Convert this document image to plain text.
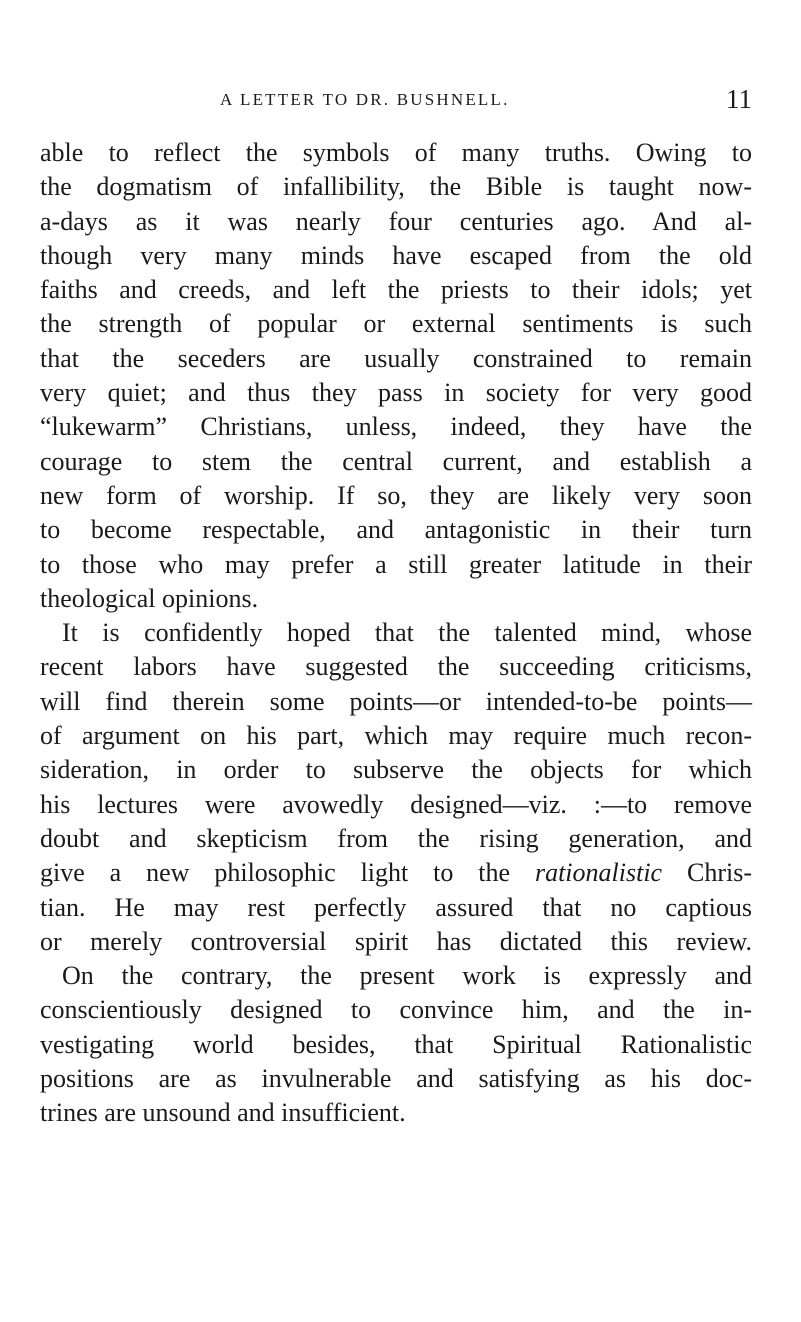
A LETTER TO DR. BUSHNELL.	11
able to reflect the symbols of many truths. Owing to
the dogmatism of infallibility, the Bible is taught now-
a-days as it was nearly four centuries ago. And al-
though very many minds have escaped from the old
faiths and creeds, and left the priests to their idols; yet
the strength of popular or external sentiments is such
that the seceders are usually constrained to remain
very quiet; and thus they pass in society for very good
“lukewarm” Christians, unless, indeed, they have the
courage to stem the central current, and establish a
new form of worship. If so, they are likely very soon
to become respectable, and antagonistic in their turn
to those who may prefer a still greater latitude in their
theological opinions.
It is confidently hoped that the talented mind, whose
recent labors have suggested the succeeding criticisms,
will find therein some points—or intended-to-be points—
of argument on his part, which may require much recon-
sideration, in order to subserve the objects for which
his lectures were avowedly designed—viz. :—to remove
doubt and skepticism from the rising generation, and
give a new philosophic light to the rationalistic Chris-
tian. He may rest perfectly assured that no captious
or merely controversial spirit has dictated this review.
On the contrary, the present work is expressly and
conscientiously designed to convince him, and the in-
vestigating world besides, that Spiritual Rationalistic
positions are as invulnerable and satisfying as his doc-
trines are unsound and insufficient.
